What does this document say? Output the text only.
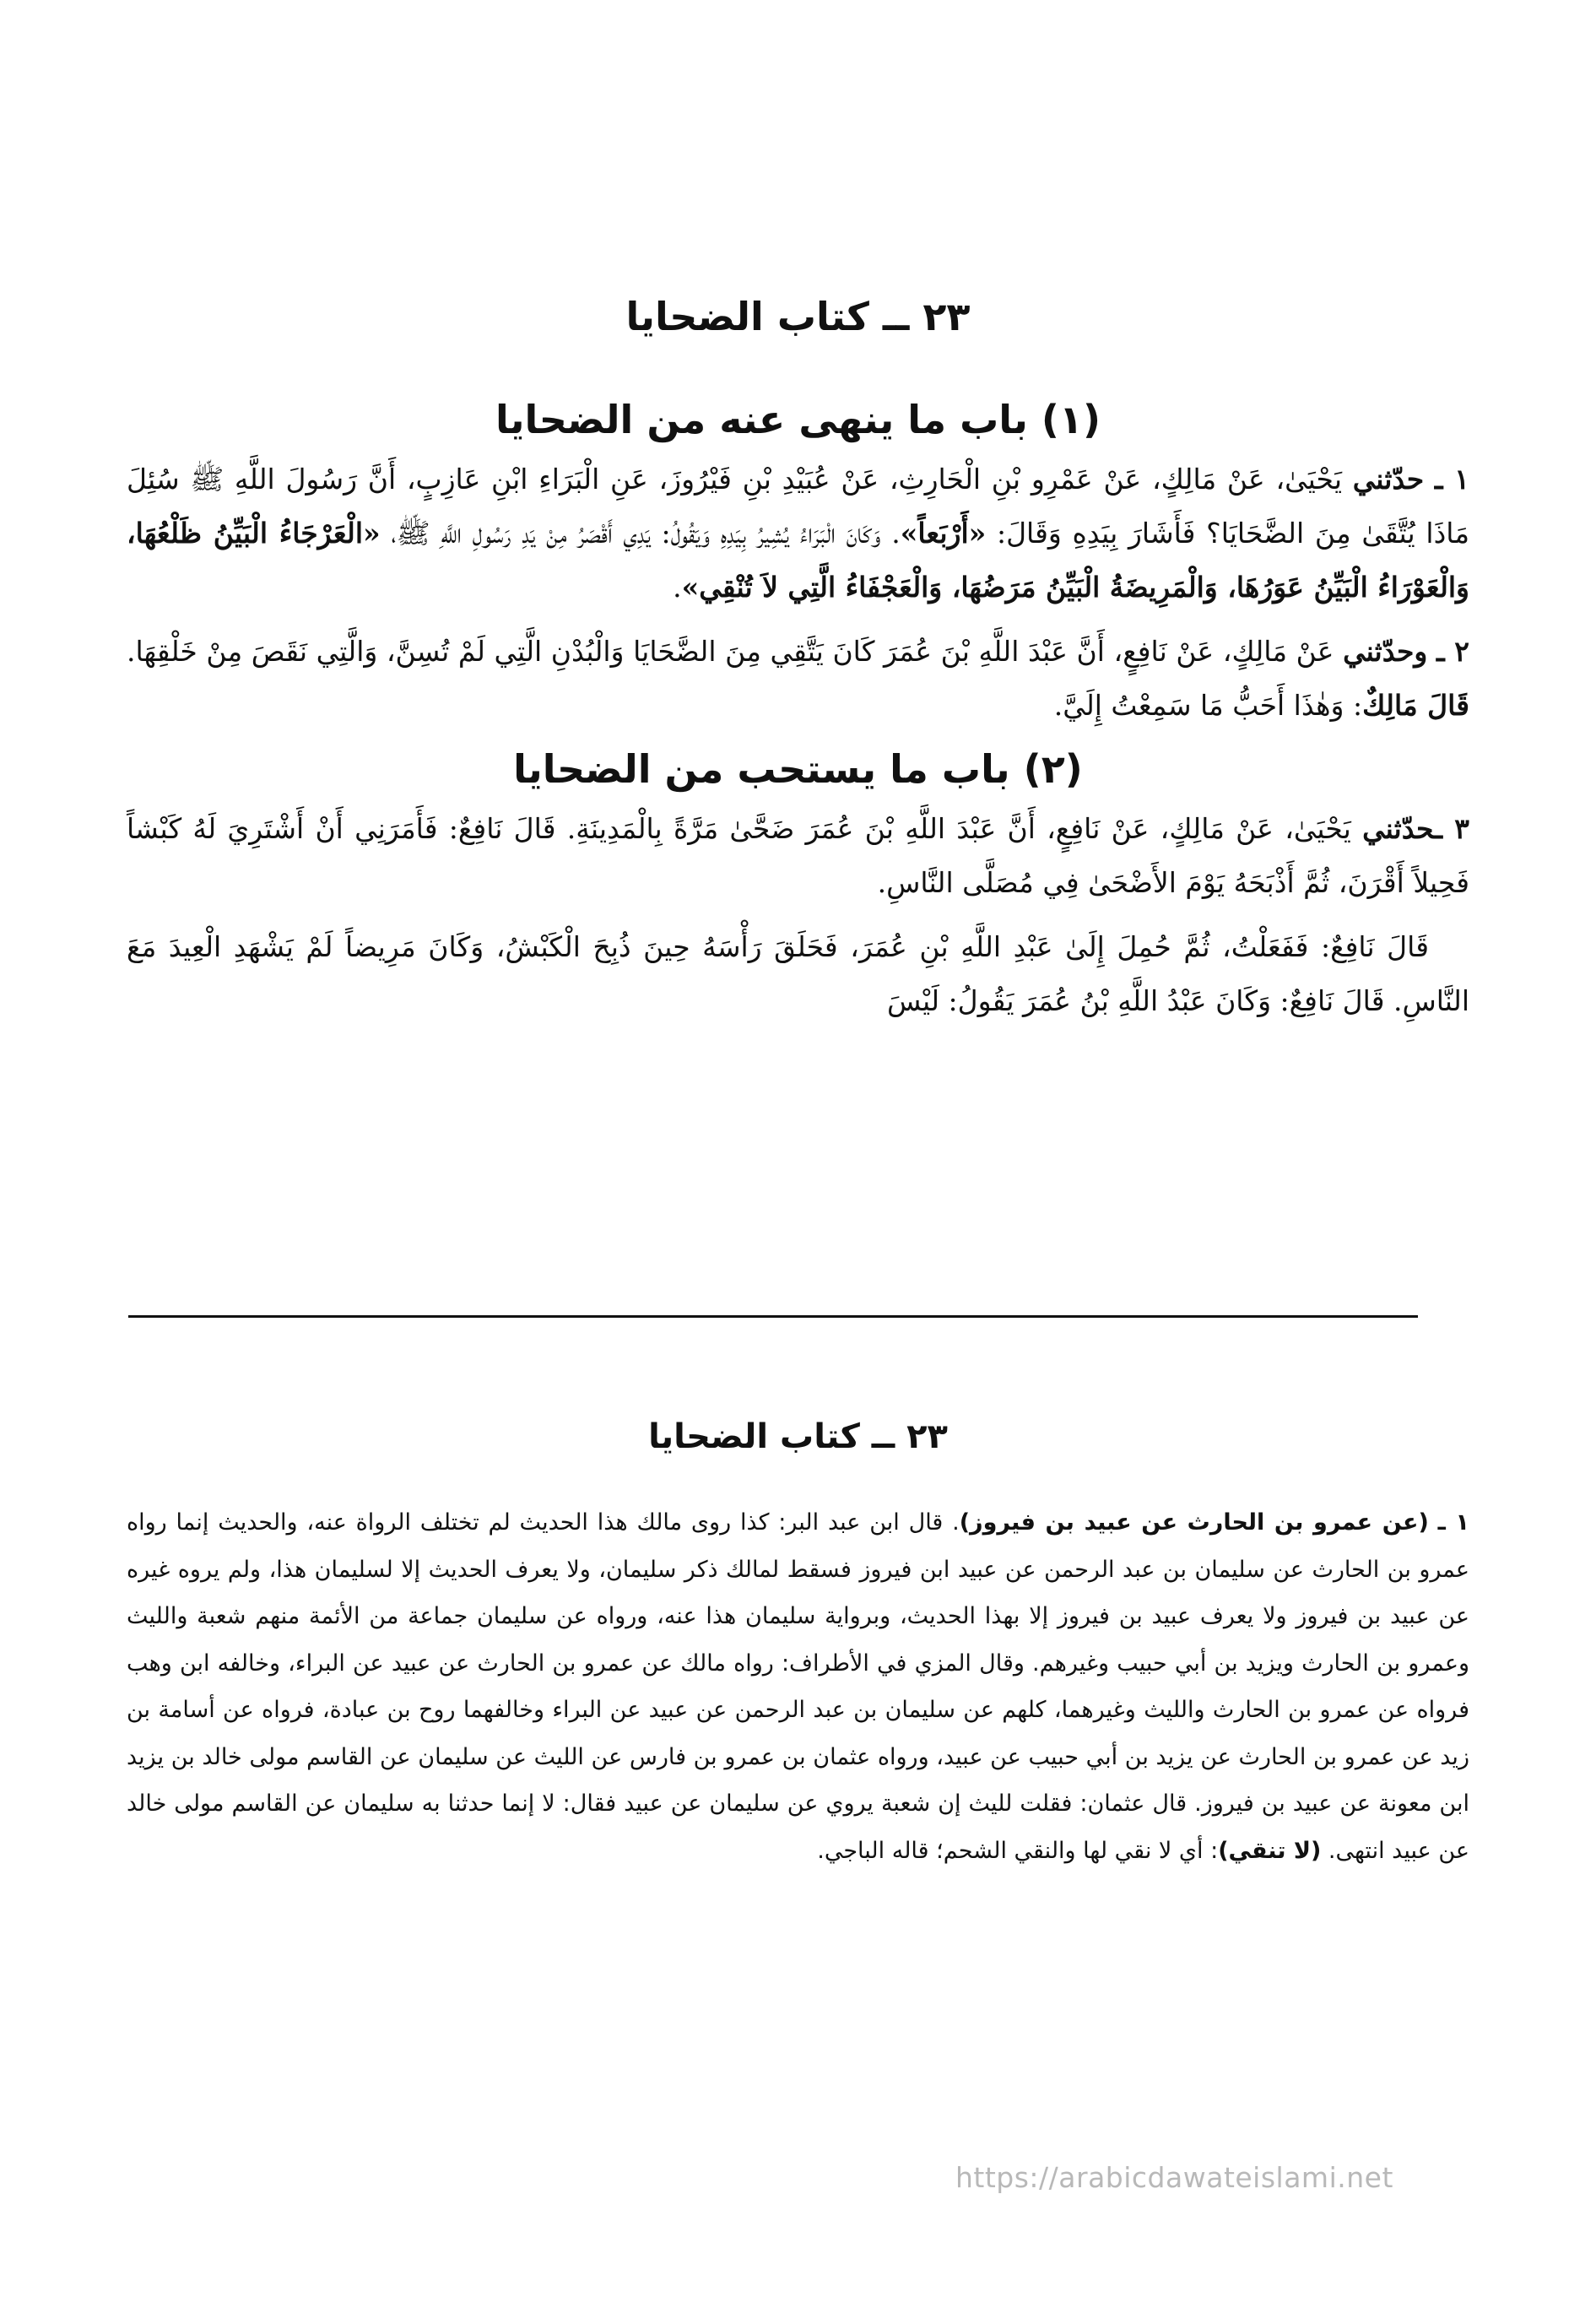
٢٣ ــ كتاب الضحايا
(١) باب ما ينهى عنه من الضحايا

١ ـ حدّثني يَحْيَىٰ، عَنْ مَالِكٍ، عَنْ عَمْرِو بْنِ الْحَارِثِ، عَنْ عُبَيْدِ بْنِ فَيْرُوزَ، عَنِ الْبَرَاءِ ابْنِ عَازِبٍ، أَنَّ رَسُولَ اللَّهِ ﷺ سُئِلَ مَاذَا يُتَّقَىٰ مِنَ الضَّحَايَا؟ فَأَشَارَ بِيَدِهِ وَقَالَ: «أَرْبَعاً». وَكَانَ الْبَرَاءُ يُشِيرُ بِيَدِهِ وَيَقُولُ: يَدِي أَقْصَرُ مِنْ يَدِ رَسُولِ اللَّهِ ﷺ، «الْعَرْجَاءُ الْبَيِّنُ ظَلْعُهَا، وَالْعَوْرَاءُ الْبَيِّنُ عَوَرُهَا، وَالْمَرِيضَةُ الْبَيِّنُ مَرَضُهَا، وَالْعَجْفَاءُ الَّتِي لاَ تُنْقِي».

٢ ـ وحدّثني عَنْ مَالِكٍ، عَنْ نَافِعٍ، أَنَّ عَبْدَ اللَّهِ بْنَ عُمَرَ كَانَ يَتَّقِي مِنَ الضَّحَايَا وَالْبُدْنِ الَّتِي لَمْ تُسِنَّ، وَالَّتِي نَقَصَ مِنْ خَلْقِهَا. قَالَ مَالِكٌ: وَهٰذَا أَحَبُّ مَا سَمِعْتُ إِلَيَّ.

(٢) باب ما يستحب من الضحايا

٣ ـحدّثني يَحْيَىٰ، عَنْ مَالِكٍ، عَنْ نَافِعٍ، أَنَّ عَبْدَ اللَّهِ بْنَ عُمَرَ ضَحَّىٰ مَرَّةً بِالْمَدِينَةِ. قَالَ نَافِعٌ: فَأَمَرَنِي أَنْ أَشْتَرِيَ لَهُ كَبْشاً فَحِيلاً أَقْرَنَ، ثُمَّ أَذْبَحَهُ يَوْمَ الأَضْحَىٰ فِي مُصَلَّى النَّاسِ.

قَالَ نَافِعٌ: فَفَعَلْتُ، ثُمَّ حُمِلَ إِلَىٰ عَبْدِ اللَّهِ بْنِ عُمَرَ، فَحَلَقَ رَأْسَهُ حِينَ ذُبِحَ الْكَبْشُ، وَكَانَ مَرِيضاً لَمْ يَشْهَدِ الْعِيدَ مَعَ النَّاسِ. قَالَ نَافِعٌ: وَكَانَ عَبْدُ اللَّهِ بْنُ عُمَرَ يَقُولُ: لَيْسَ

٢٣ ــ كتاب الضحايا

١ ـ (عن عمرو بن الحارث عن عبيد بن فيروز). قال ابن عبد البر: كذا روى مالك هذا الحديث لم تختلف الرواة عنه، والحديث إنما رواه عمرو بن الحارث عن سليمان بن عبد الرحمن عن عبيد ابن فيروز فسقط لمالك ذكر سليمان، ولا يعرف الحديث إلا لسليمان هذا، ولم يروه غيره عن عبيد بن فيروز ولا يعرف عبيد بن فيروز إلا بهذا الحديث، وبرواية سليمان هذا عنه، ورواه عن سليمان جماعة من الأئمة منهم شعبة والليث وعمرو بن الحارث ويزيد بن أبي حبيب وغيرهم. وقال المزي في الأطراف: رواه مالك عن عمرو بن الحارث عن عبيد عن البراء، وخالفه ابن وهب فرواه عن عمرو بن الحارث والليث وغيرهما، كلهم عن سليمان بن عبد الرحمن عن عبيد عن البراء وخالفهما روح بن عبادة، فرواه عن أسامة بن زيد عن عمرو بن الحارث عن يزيد بن أبي حبيب عن عبيد، ورواه عثمان بن عمرو بن فارس عن الليث عن سليمان عن القاسم مولى خالد بن يزيد ابن معونة عن عبيد بن فيروز. قال عثمان: فقلت لليث إن شعبة يروي عن سليمان عن عبيد فقال: لا إنما حدثنا به سليمان عن القاسم مولى خالد عن عبيد انتهى. (لا تنقي): أي لا نقي لها والنقي الشحم؛ قاله الباجي.

https://arabicdawateislami.net
